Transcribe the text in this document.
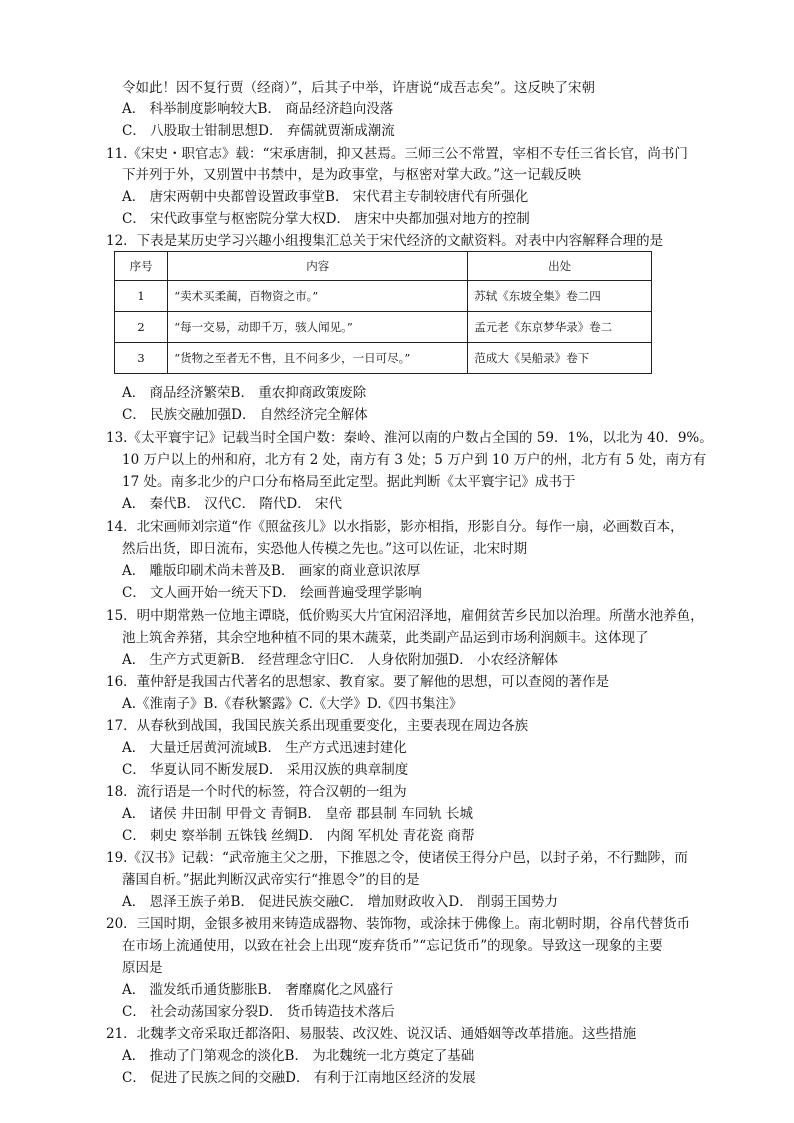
令如此！因不复行贾（经商）”，后其子中举，许唐说“成吾志矣”。这反映了宋朝
A． 科举制度影响较大B． 商品经济趋向没落
C． 八股取士钳制思想D． 弃儒就贾渐成潮流
11.《宋史・职官志》载：“宋承唐制，抑又甚焉。三师三公不常置，宰相不专任三省长官，尚书门
下并列于外，又别置中书禁中，是为政事堂，与枢密对掌大政。”这一记载反映
A． 唐宋两朝中央都曾设置政事堂B． 宋代君主专制较唐代有所强化
C． 宋代政事堂与枢密院分掌大权D． 唐宋中央都加强对地方的控制
12．下表是某历史学习兴趣小组搜集汇总关于宋代经济的文献资料。对表中内容解释合理的是
A． 商品经济繁荣B． 重农抑商政策废除
C． 民族交融加强D． 自然经济完全解体
13.《太平寰宇记》记载当时全国户数：秦岭、淮河以南的户数占全国的 59．1%，以北为 40．9%。
10 万户以上的州和府，北方有 2 处，南方有 3 处；5 万户到 10 万户的州，北方有 5 处，南方有
17 处。南多北少的户口分布格局至此定型。据此判断《太平寰宇记》成书于
A． 秦代B． 汉代C． 隋代D． 宋代
14．北宋画师刘宗道“作《照盆孩儿》以水指影，影亦相指，形影自分。每作一扇，必画数百本，
然后出货，即日流布，实恐他人传模之先也。”这可以佐证，北宋时期
A． 雕版印刷术尚未普及B． 画家的商业意识浓厚
C． 文人画开始一统天下D． 绘画普遍受理学影响
15．明中期常熟一位地主谭晓，低价购买大片宜闲沼泽地，雇佣贫苦乡民加以治理。所凿水池养鱼，
池上筑舍养猪，其余空地种植不同的果木蔬菜，此类副产品运到市场利润颇丰。这体现了
A． 生产方式更新B． 经营理念守旧C． 人身依附加强D． 小农经济解体
16．董仲舒是我国古代著名的思想家、教育家。要了解他的思想，可以查阅的著作是
A.《淮南子》B.《春秋繁露》C.《大学》D.《四书集注》
17．从春秋到战国，我国民族关系出现重要变化，主要表现在周边各族
A． 大量迁居黄河流域B． 生产方式迅速封建化
C． 华夏认同不断发展D． 采用汉族的典章制度
18．流行语是一个时代的标签，符合汉朝的一组为
A． 诸侯 井田制 甲骨文 青铜B． 皇帝 郡县制 车同轨 长城
C． 刺史 察举制 五铢钱 丝绸D． 内阁 军机处 青花瓷 商帮
19.《汉书》记载：“武帝施主父之册，下推恩之令，使诸侯王得分户邑，以封子弟，不行黜陟，而
藩国自析。”据此判断汉武帝实行“推恩令”的目的是
A． 恩泽王族子弟B． 促进民族交融C． 增加财政收入D． 削弱王国势力
20．三国时期，金银多被用来铸造成器物、装饰物，或涂抹于佛像上。南北朝时期，谷帛代替货币
在市场上流通使用，以致在社会上出现“废弃货币”“忘记货币”的现象。导致这一现象的主要
原因是
A． 滥发纸币通货膨胀B． 奢靡腐化之风盛行
C． 社会动荡国家分裂D． 货币铸造技术落后
21．北魏孝文帝采取迁都洛阳、易服装、改汉姓、说汉话、通婚姻等改革措施。这些措施
A． 推动了门第观念的淡化B． 为北魏统一北方奠定了基础
C． 促进了民族之间的交融D． 有利于江南地区经济的发展
序号	内容	出处
1	“卖术买柔蔺，百物资之市。”	苏轼《东坡全集》卷二四
2	“每一交易，动即千万，骇人闻见。”	孟元老《东京梦华录》卷二
3	“货物之至者无不售，且不问多少，一日可尽。”	范成大《吴船录》卷下
